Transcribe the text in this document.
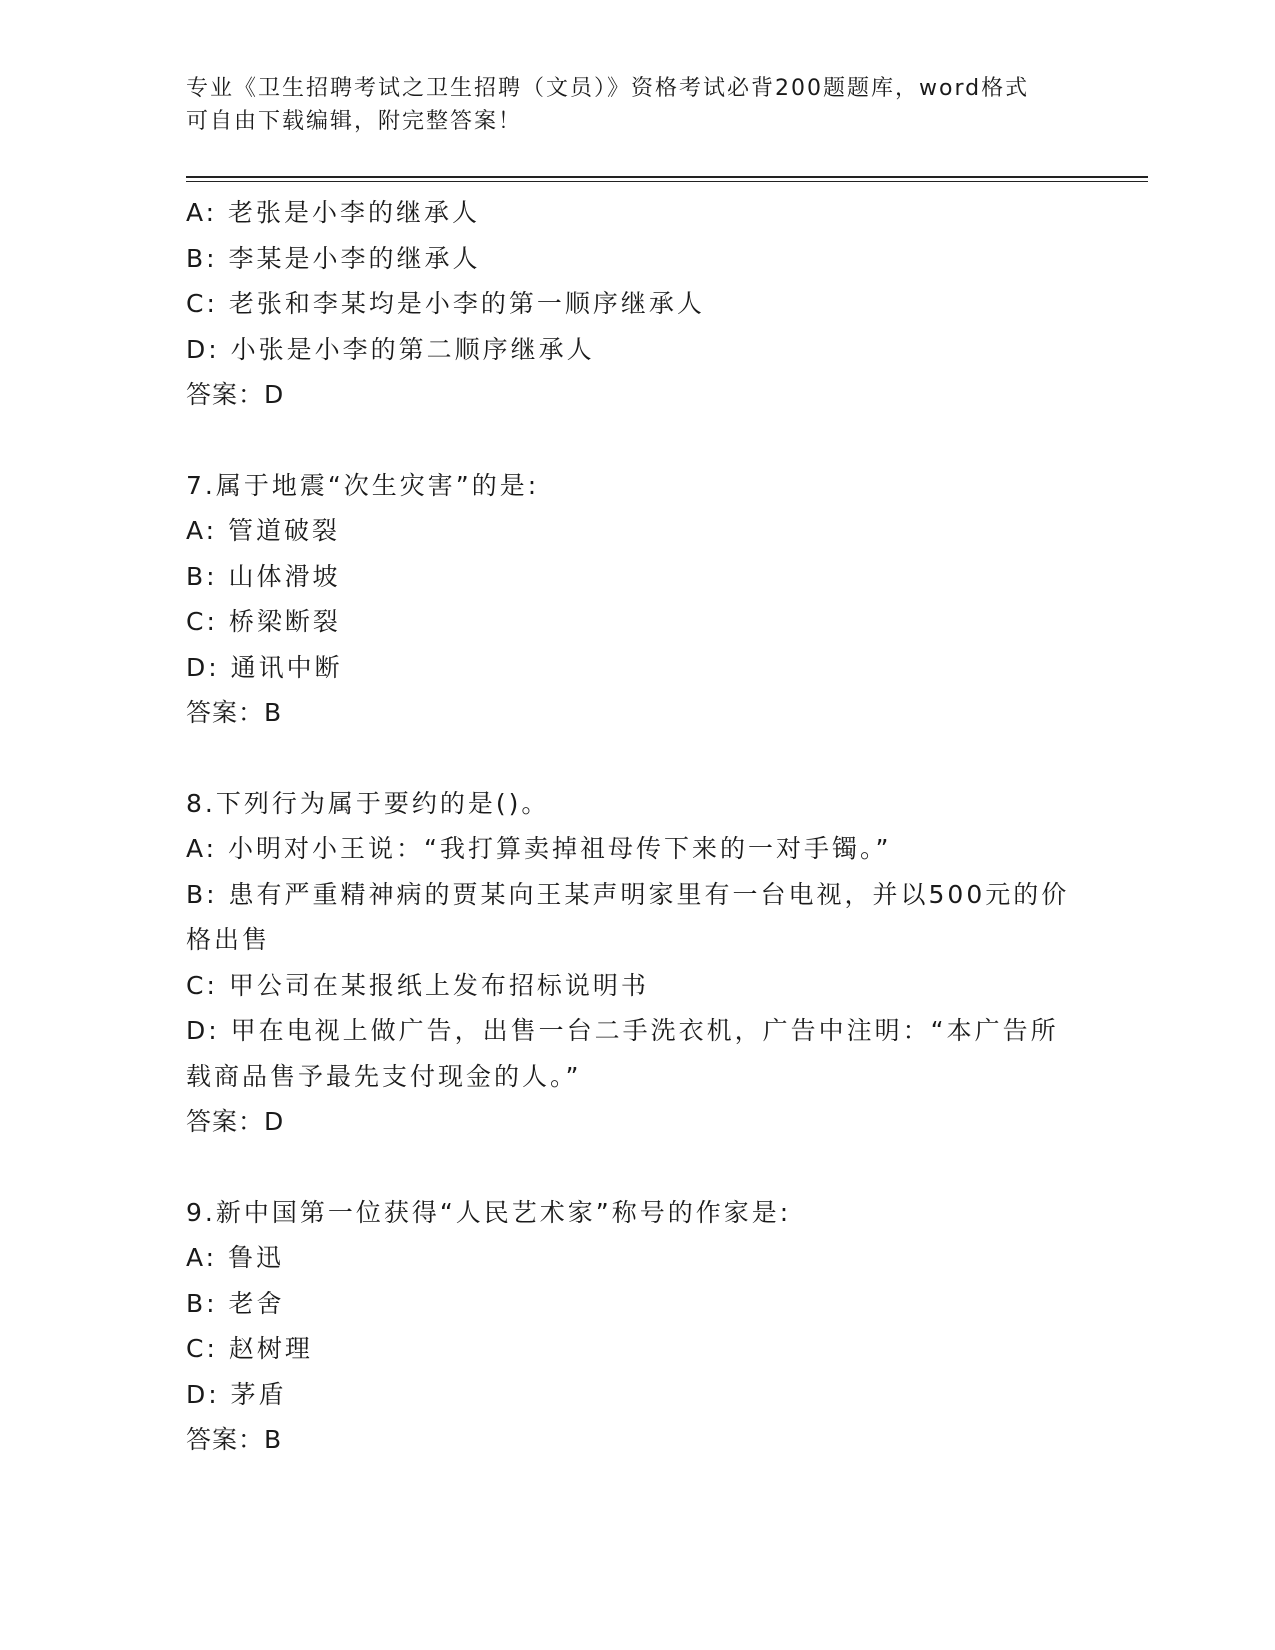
专业《卫生招聘考试之卫生招聘（文员）》资格考试必背200题题库，word格式
可自由下载编辑，附完整答案！
A: 老张是小李的继承人
B: 李某是小李的继承人
C: 老张和李某均是小李的第一顺序继承人
D: 小张是小李的第二顺序继承人
答案：D
7.属于地震“次生灾害”的是:
A: 管道破裂
B: 山体滑坡
C: 桥梁断裂
D: 通讯中断
答案：B
8.下列行为属于要约的是()。
A: 小明对小王说：“我打算卖掉祖母传下来的一对手镯。”
B: 患有严重精神病的贾某向王某声明家里有一台电视，并以500元的价格出售
C: 甲公司在某报纸上发布招标说明书
D: 甲在电视上做广告，出售一台二手洗衣机，广告中注明：“本广告所载商品售予最先支付现金的人。”
答案：D
9.新中国第一位获得“人民艺术家”称号的作家是:
A: 鲁迅
B: 老舍
C: 赵树理
D: 茅盾
答案：B
